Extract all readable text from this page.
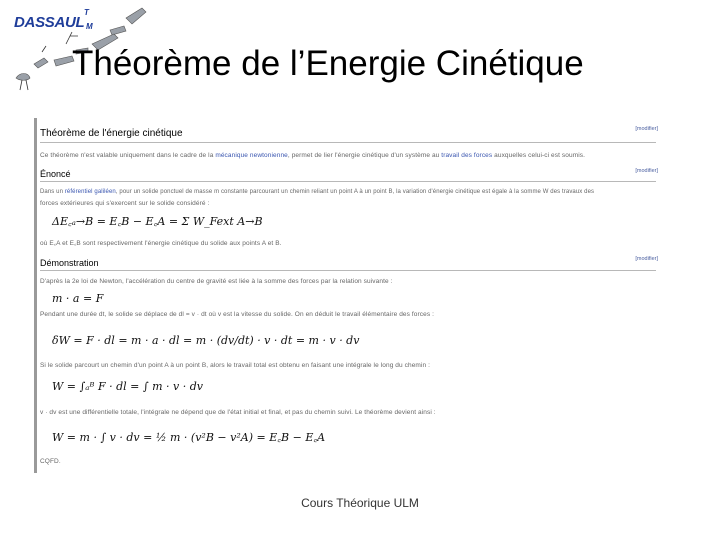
DASSAUL
T
M
Théorème de l’Energie Cinétique
Théorème de l'énergie cinétique	[modifier]
Ce théorème n'est valable uniquement dans le cadre de la mécanique newtonienne, permet de lier l'énergie cinétique d'un système au travail des forces auxquelles celui-ci est soumis.
Énoncé	[modifier]
Dans un référentiel galiléen, pour un solide ponctuel de masse m constante parcourant un chemin reliant un point A à un point B, la variation d'énergie cinétique est égale à la somme W des travaux des
forces extérieures qui s'exercent sur le solide considéré :
ΔE꜀ₐ→B = E꜀B − E꜀A = Σ W_Fext A→B
où E꜀A et E꜀B sont respectivement l'énergie cinétique du solide aux points A et B.
Démonstration	[modifier]
D'après la 2e loi de Newton, l'accélération du centre de gravité est liée à la somme des forces par la relation suivante :
m · a = F
Pendant une durée dt, le solide se déplace de dl = v · dt où v est la vitesse du solide. On en déduit le travail élémentaire des forces :
δW = F · dl = m · a · dl = m · (dv/dt) · v · dt = m · v · dv
Si le solide parcourt un chemin d'un point A à un point B, alors le travail total est obtenu en faisant une intégrale le long du chemin :
W = ∫ₐᴮ F · dl = ∫ m · v · dv
v · dv est une différentielle totale, l'intégrale ne dépend que de l'état initial et final, et pas du chemin suivi. Le théorème devient ainsi :
W = m · ∫ v · dv = ½ m · (v²B − v²A) = E꜀B − E꜀A
CQFD.
Cours Théorique ULM
